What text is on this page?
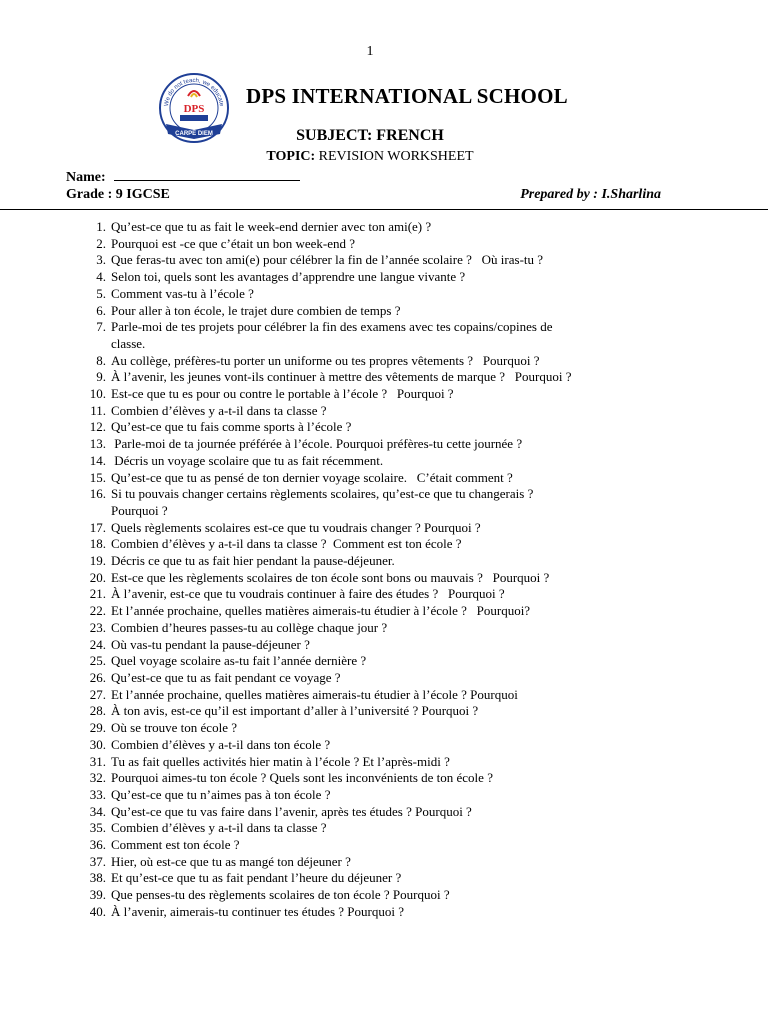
1
We do not teach, we educate
DPS
CARPE DIEM
DPS INTERNATIONAL SCHOOL
SUBJECT: FRENCH
TOPIC: REVISION WORKSHEET
Name:
Grade : 9 IGCSE	Prepared by : I.Sharlina
1. Qu’est-ce que tu as fait le week-end dernier avec ton ami(e) ?
2. Pourquoi est -ce que c’était un bon week-end ?
3. Que feras-tu avec ton ami(e) pour célébrer la fin de l’année scolaire ?   Où iras-tu ?
4. Selon toi, quels sont les avantages d’apprendre une langue vivante ?
5. Comment vas-tu à l’école ?
6. Pour aller à ton école, le trajet dure combien de temps ?
7. Parle-moi de tes projets pour célébrer la fin des examens avec tes copains/copines de
classe.
8. Au collège, préfères-tu porter un uniforme ou tes propres vêtements ?   Pourquoi ?
9. À l’avenir, les jeunes vont-ils continuer à mettre des vêtements de marque ?   Pourquoi ?
10. Est-ce que tu es pour ou contre le portable à l’école ?   Pourquoi ?
11. Combien d’élèves y a-t-il dans ta classe ?
12. Qu’est-ce que tu fais comme sports à l’école ?
13. Parle-moi de ta journée préférée à l’école. Pourquoi préfères-tu cette journée ?
14. Décris un voyage scolaire que tu as fait récemment.
15. Qu’est-ce que tu as pensé de ton dernier voyage scolaire.   C’était comment ?
16. Si tu pouvais changer certains règlements scolaires, qu’est-ce que tu changerais ?
Pourquoi ?
17. Quels règlements scolaires est-ce que tu voudrais changer ? Pourquoi ?
18. Combien d’élèves y a-t-il dans ta classe ?  Comment est ton école ?
19. Décris ce que tu as fait hier pendant la pause-déjeuner.
20. Est-ce que les règlements scolaires de ton école sont bons ou mauvais ?   Pourquoi ?
21. À l’avenir, est-ce que tu voudrais continuer à faire des études ?   Pourquoi ?
22. Et l’année prochaine, quelles matières aimerais-tu étudier à l’école ?   Pourquoi?
23. Combien d’heures passes-tu au collège chaque jour ?
24. Où vas-tu pendant la pause-déjeuner ?
25. Quel voyage scolaire as-tu fait l’année dernière ?
26. Qu’est-ce que tu as fait pendant ce voyage ?
27. Et l’année prochaine, quelles matières aimerais-tu étudier à l’école ? Pourquoi
28. À ton avis, est-ce qu’il est important d’aller à l’université ? Pourquoi ?
29. Où se trouve ton école ?
30. Combien d’élèves y a-t-il dans ton école ?
31. Tu as fait quelles activités hier matin à l’école ? Et l’après-midi ?
32. Pourquoi aimes-tu ton école ? Quels sont les inconvénients de ton école ?
33. Qu’est-ce que tu n’aimes pas à ton école ?
34. Qu’est-ce que tu vas faire dans l’avenir, après tes études ? Pourquoi ?
35. Combien d’élèves y a-t-il dans ta classe ?
36. Comment est ton école ?
37. Hier, où est-ce que tu as mangé ton déjeuner ?
38. Et qu’est-ce que tu as fait pendant l’heure du déjeuner ?
39. Que penses-tu des règlements scolaires de ton école ? Pourquoi ?
40. À l’avenir, aimerais-tu continuer tes études ? Pourquoi ?
